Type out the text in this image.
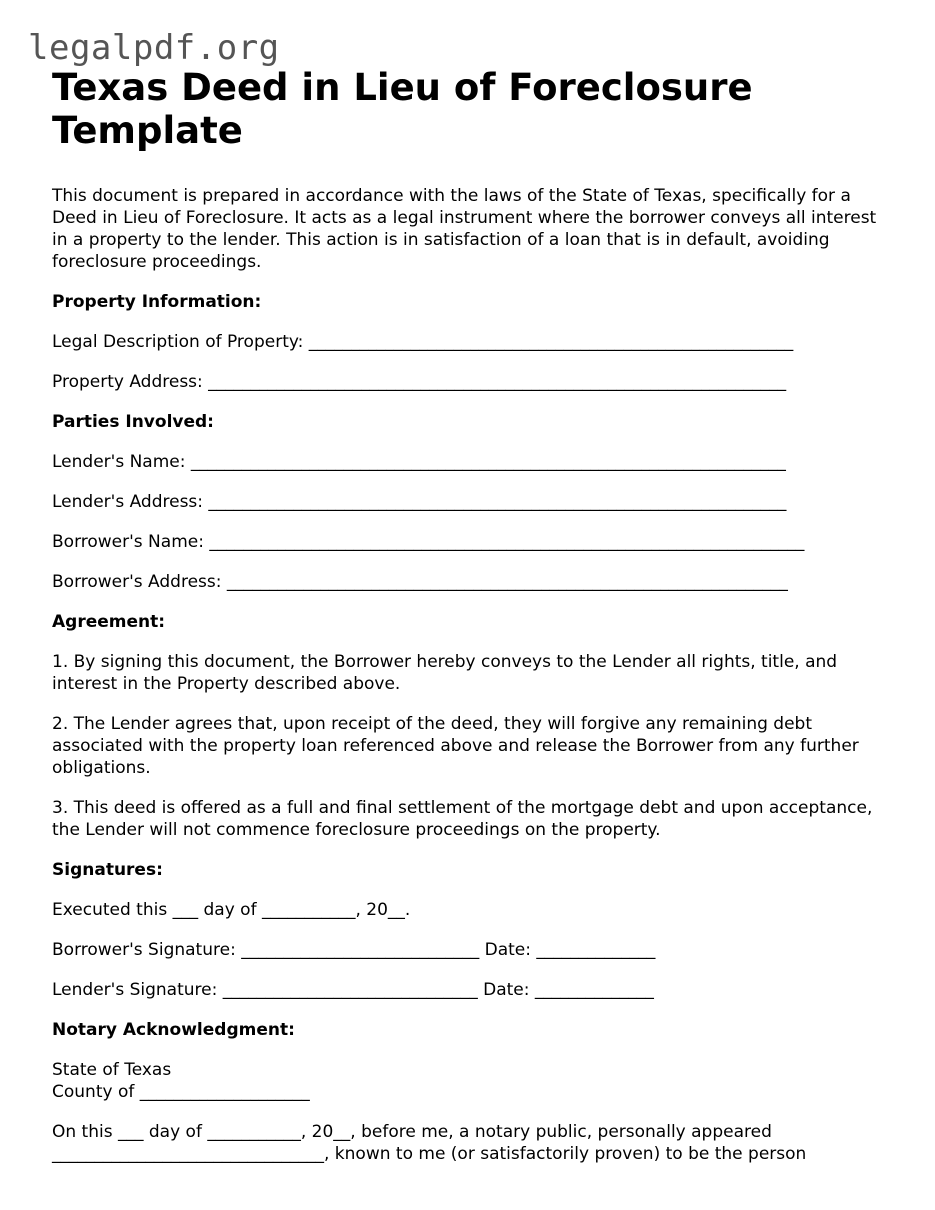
legalpdf.org
Texas Deed in Lieu of Foreclosure Template

This document is prepared in accordance with the laws of the State of Texas, specifically for a Deed in Lieu of Foreclosure. It acts as a legal instrument where the borrower conveys all interest in a property to the lender. This action is in satisfaction of a loan that is in default, avoiding foreclosure proceedings.

Property Information:

Legal Description of Property: _________________________________________________________

Property Address: ____________________________________________________________________

Parties Involved:

Lender's Name: ______________________________________________________________________

Lender's Address: ____________________________________________________________________

Borrower's Name: ______________________________________________________________________

Borrower's Address: __________________________________________________________________

Agreement:

1. By signing this document, the Borrower hereby conveys to the Lender all rights, title, and interest in the Property described above.

2. The Lender agrees that, upon receipt of the deed, they will forgive any remaining debt associated with the property loan referenced above and release the Borrower from any further obligations.

3. This deed is offered as a full and final settlement of the mortgage debt and upon acceptance, the Lender will not commence foreclosure proceedings on the property.

Signatures:

Executed this ___ day of ___________, 20__.

Borrower's Signature: ____________________________ Date: ______________

Lender's Signature: ______________________________ Date: ______________

Notary Acknowledgment:

State of Texas

County of ____________________

On this ___ day of ___________, 20__, before me, a notary public, personally appeared

________________________________, known to me (or satisfactorily proven) to be the person
